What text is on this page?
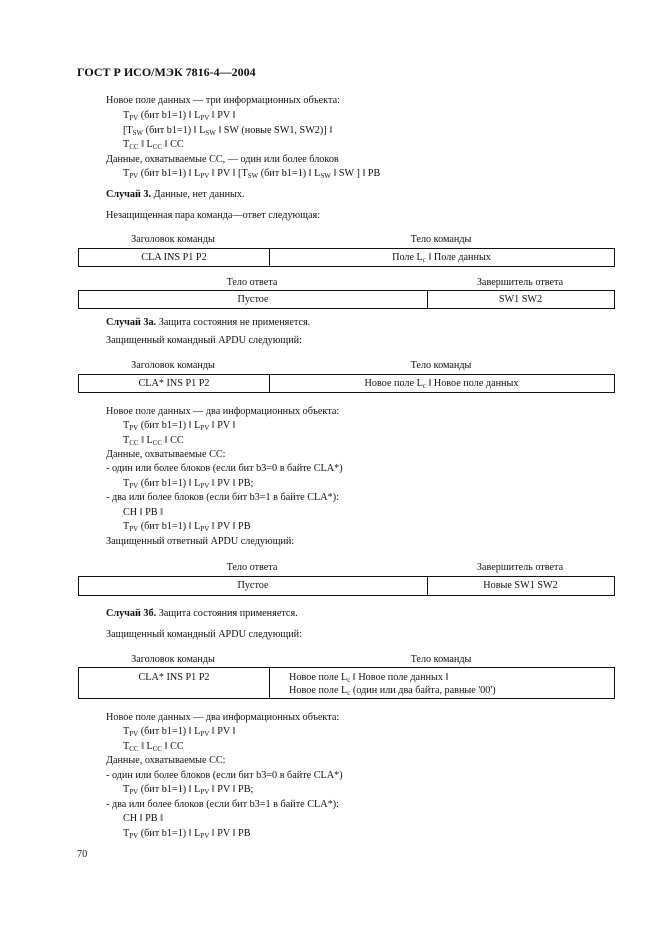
ГОСТ Р ИСО/МЭК 7816-4—2004
Новое поле данных — три информационных объекта:
$T_{PV}$ (бит b1=1) ‖ $L_{PV}$ ‖ PV ‖
[$T_{SW}$ (бит b1=1) ‖ $L_{SW}$ ‖ SW (новые SW1, SW2)] ‖
$T_{CC}$ ‖ $L_{CC}$ ‖ CC
Данные, охватываемые CC, — один или более блоков
$T_{PV}$ (бит b1=1) ‖ $L_{PV}$ ‖ PV ‖ [$T_{SW}$ (бит b1=1) ‖ $L_{SW}$ ‖ SW ] ‖ PB
Случай 3. Данные, нет данных.
Незащищенная пара команда—ответ следующая:
Заголовок команды	Тело команды
CLA INS P1 P2	Поле $L_c$ ‖ Поле данных
Тело ответа	Завершитель ответа
Пустое	SW1 SW2
Случай 3а. Защита состояния не применяется.
Защищенный командный APDU следующий:
Заголовок команды	Тело команды
CLA* INS P1 P2	Новое поле $L_c$ ‖ Новое поле данных
Новое поле данных — два информационных объекта:
$T_{PV}$ (бит b1=1) ‖ $L_{PV}$ ‖ PV ‖
$T_{CC}$ ‖ $L_{CC}$ ‖ CC
Данные, охватываемые CC:
- один или более блоков (если бит b3=0 в байте CLA*)
$T_{PV}$ (бит b1=1) ‖ $L_{PV}$ ‖ PV ‖ PB;
- два или более блоков (если бит b3=1 в байте CLA*):
CH ‖ PB ‖
$T_{PV}$ (бит b1=1) ‖ $L_{PV}$ ‖ PV ‖ PB
Защищенный ответный APDU следующий:
Тело ответа	Завершитель ответа
Пустое	Новые SW1 SW2
Случай 3б. Защита состояния применяется.
Защищенный командный APDU следующий:
Заголовок команды	Тело команды
CLA* INS P1 P2	Новое поле $L_c$ ‖ Новое поле данных ‖
Новое поле $L_c$ (один или два байта, равные '00')
Новое поле данных — два информационных объекта:
$T_{PV}$ (бит b1=1) ‖ $L_{PV}$ ‖ PV ‖
$T_{CC}$ ‖ $L_{CC}$ ‖ CC
Данные, охватываемые CC:
- один или более блоков (если бит b3=0 в байте CLA*)
$T_{PV}$ (бит b1=1) ‖ $L_{PV}$ ‖ PV ‖ PB;
- два или более блоков (если бит b3=1 в байте CLA*):
CH ‖ PB ‖
$T_{PV}$ (бит b1=1) ‖ $L_{PV}$ ‖ PV ‖ PB
70
